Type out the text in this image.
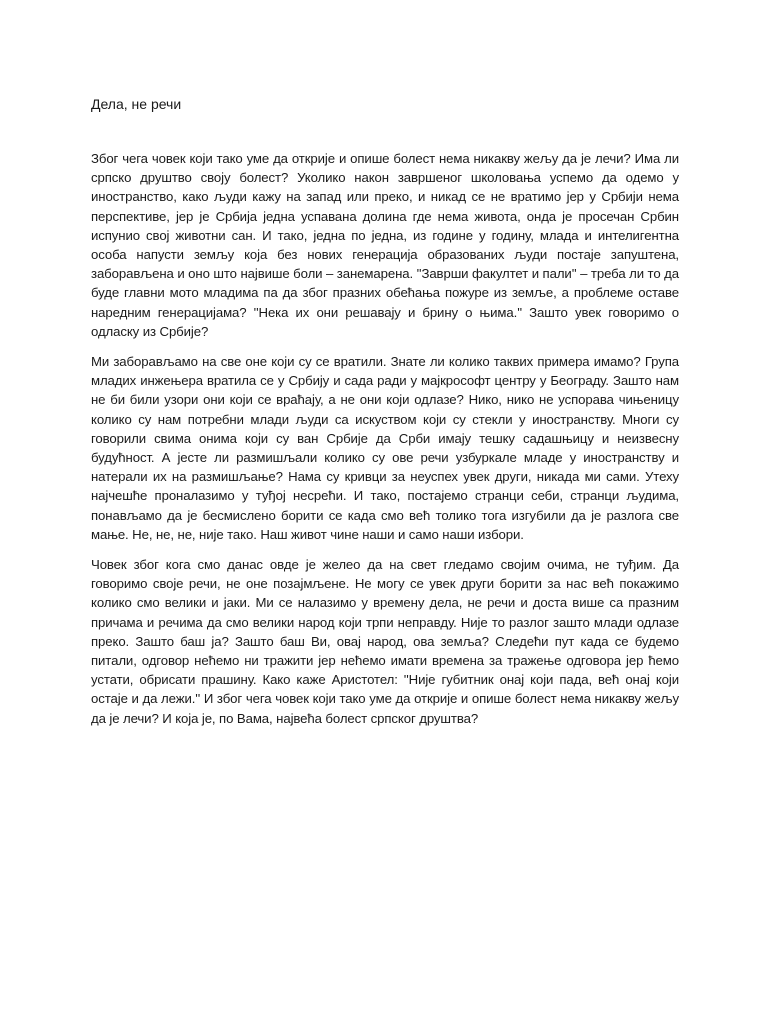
Дела, не речи

Због чега човек који тако уме да открије и опише болест нема никакву жељу да је лечи? Има ли српско друштво своју болест? Уколико након завршеног школовања успемо да одемо у иностранство, како људи кажу на запад или преко, и никад се не вратимо јер у Србији нема перспективе, јер је Србија једна успавана долина где нема живота, онда је просечан Србин испунио свој животни сан. И тако, једна по једна, из године у годину, млада и интелигентна особа напусти земљу која без нових генерација образованих људи постаје запуштена, заборављена и оно што највише боли – занемарена. ''Заврши факултет и пали'' – треба ли то да буде главни мото младима па да због празних обећања пожуре из земље, а проблеме оставе наредним генерацијама? ''Нека их они решавају и брину о њима.'' Зашто увек говоримо о одласку из Србије?

Ми заборављамо на све оне који су се вратили. Знате ли колико таквих примера имамо? Група младих инжењера вратила се у Србију и сада ради у мајкрософт центру у Београду. Зашто нам не би били узори они који се враћају, а не они који одлазе? Нико, нико не успорава чињеницу колико су нам потребни млади људи са искуством који су стекли у иностранству. Многи су говорили свима онима који су ван Србије да Срби имају тешку садашњицу и неизвесну будућност. А јесте ли размишљали колико су ове речи узбуркале младе у иностранству и натерали их на размишљање? Нама су кривци за неуспех увек други, никада ми сами. Утеху најчешће проналазимо у туђој несрећи. И тако, постајемо странци себи, странци људима, понављамо да је бесмислено борити се када смо већ толико тога изгубили да је разлога све мање. Не, не, не, није тако. Наш живот чине наши и само наши избори.

Човек због кога смо данас овде је желео да на свет гледамо својим очима, не туђим. Да говоримо своје речи, не оне позајмљене. Не могу се увек други борити за нас већ покажимо колико смо велики и јаки. Ми се налазимо у времену дела, не речи и доста више са празним причама и речима да смо велики народ који трпи неправду. Није то разлог зашто млади одлазе преко. Зашто баш ја? Зашто баш Ви, овај народ, ова земља? Следећи пут када се будемо питали, одговор нећемо ни тражити јер нећемо имати времена за тражење одговора јер ћемо устати, обрисати прашину. Како каже Аристотел: ''Није губитник онај који пада, већ онај који остаје и да лежи.'' И због чега човек који тако уме да открије и опише болест нема никакву жељу да је лечи? И која је, по Вама, највећа болест српског друштва?
